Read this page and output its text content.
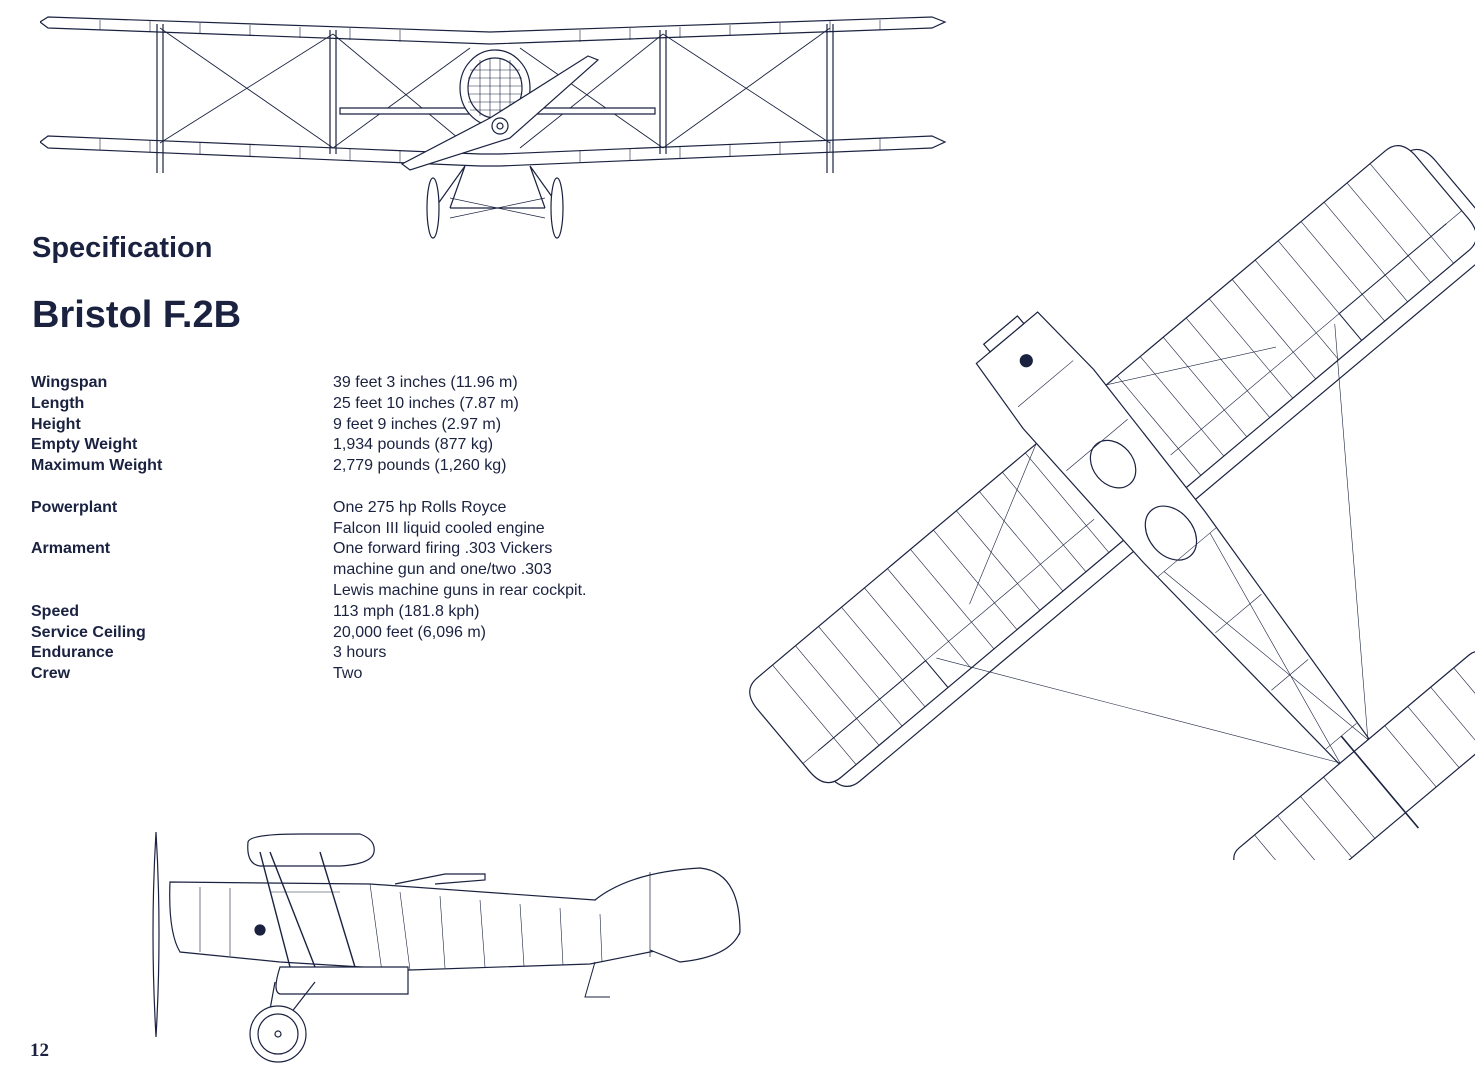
Specification
Bristol F.2B
Wingspan	39 feet 3 inches (11.96 m)
Length	25 feet 10 inches (7.87 m)
Height	9 feet 9 inches (2.97 m)
Empty Weight	1,934 pounds (877 kg)
Maximum Weight	2,779 pounds (1,260 kg)
Powerplant	One 275 hp Rolls Royce
Falcon III liquid cooled engine
Armament	One forward firing .303 Vickers
machine gun and one/two .303
Lewis machine guns in rear cockpit.
Speed	113 mph (181.8 kph)
Service Ceiling	20,000 feet (6,096 m)
Endurance	3 hours
Crew	Two
12
